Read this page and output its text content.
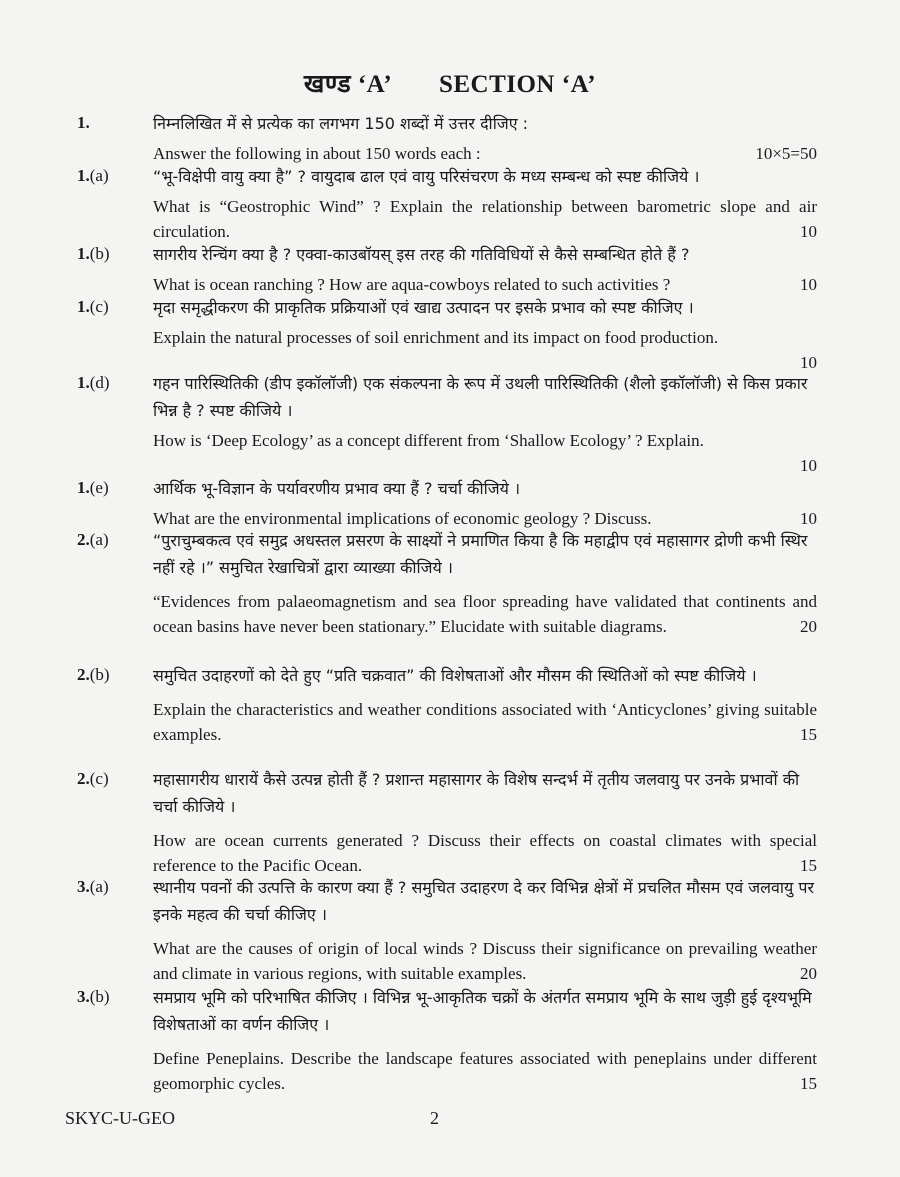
खण्ड ‘A’ SECTION ‘A’
1.	निम्नलिखित में से प्रत्येक का लगभग 150 शब्दों में उत्तर दीजिए :
Answer the following in about 150 words each :	10×5=50
1.(a)	“भू-विक्षेपी वायु क्या है” ? वायुदाब ढाल एवं वायु परिसंचरण के मध्य सम्बन्ध को स्पष्ट कीजिये ।
What is “Geostrophic Wind” ? Explain the relationship between barometric slope and air circulation.	10
1.(b)	सागरीय रेन्चिंग क्या है ? एक्वा-काउबॉयस् इस तरह की गतिविधियों से कैसे सम्बन्धित होते हैं ?
What is ocean ranching ? How are aqua-cowboys related to such activities ?	10
1.(c)	मृदा समृद्धीकरण की प्राकृतिक प्रक्रियाओं एवं खाद्य उत्पादन पर इसके प्रभाव को स्पष्ट कीजिए ।
Explain the natural processes of soil enrichment and its impact on food production.
10
1.(d)	गहन पारिस्थितिकी (डीप इकॉलॉजी) एक संकल्पना के रूप में उथली पारिस्थितिकी (शैलो इकॉलॉजी) से किस प्रकार भिन्न है ? स्पष्ट कीजिये ।
How is ‘Deep Ecology’ as a concept different from ‘Shallow Ecology’ ? Explain.
10
1.(e)	आर्थिक भू-विज्ञान के पर्यावरणीय प्रभाव क्या हैं ? चर्चा कीजिये ।
What are the environmental implications of economic geology ? Discuss.	10
2.(a)	“पुराचुम्बकत्व एवं समुद्र अधस्तल प्रसरण के साक्ष्यों ने प्रमाणित किया है कि महाद्वीप एवं महासागर द्रोणी कभी स्थिर नहीं रहे ।” समुचित रेखाचित्रों द्वारा व्याख्या कीजिये ।
“Evidences from palaeomagnetism and sea floor spreading have validated that continents and ocean basins have never been stationary.” Elucidate with suitable diagrams.	20
2.(b)	समुचित उदाहरणों को देते हुए “प्रति चक्रवात” की विशेषताओं और मौसम की स्थितिओं को स्पष्ट कीजिये ।
Explain the characteristics and weather conditions associated with ‘Anticyclones’ giving suitable examples.	15
2.(c)	महासागरीय धारायें कैसे उत्पन्न होती हैं ? प्रशान्त महासागर के विशेष सन्दर्भ में तृतीय जलवायु पर उनके प्रभावों की चर्चा कीजिये ।
How are ocean currents generated ? Discuss their effects on coastal climates with special reference to the Pacific Ocean.	15
3.(a)	स्थानीय पवनों की उत्पत्ति के कारण क्या हैं ? समुचित उदाहरण दे कर विभिन्न क्षेत्रों में प्रचलित मौसम एवं जलवायु पर इनके महत्व की चर्चा कीजिए ।
What are the causes of origin of local winds ? Discuss their significance on prevailing weather and climate in various regions, with suitable examples.	20
3.(b)	समप्राय भूमि को परिभाषित कीजिए । विभिन्न भू-आकृतिक चक्रों के अंतर्गत समप्राय भूमि के साथ जुड़ी हुई दृश्यभूमि विशेषताओं का वर्णन कीजिए ।
Define Peneplains. Describe the landscape features associated with peneplains under different geomorphic cycles.	15
SKYC-U-GEO	2
